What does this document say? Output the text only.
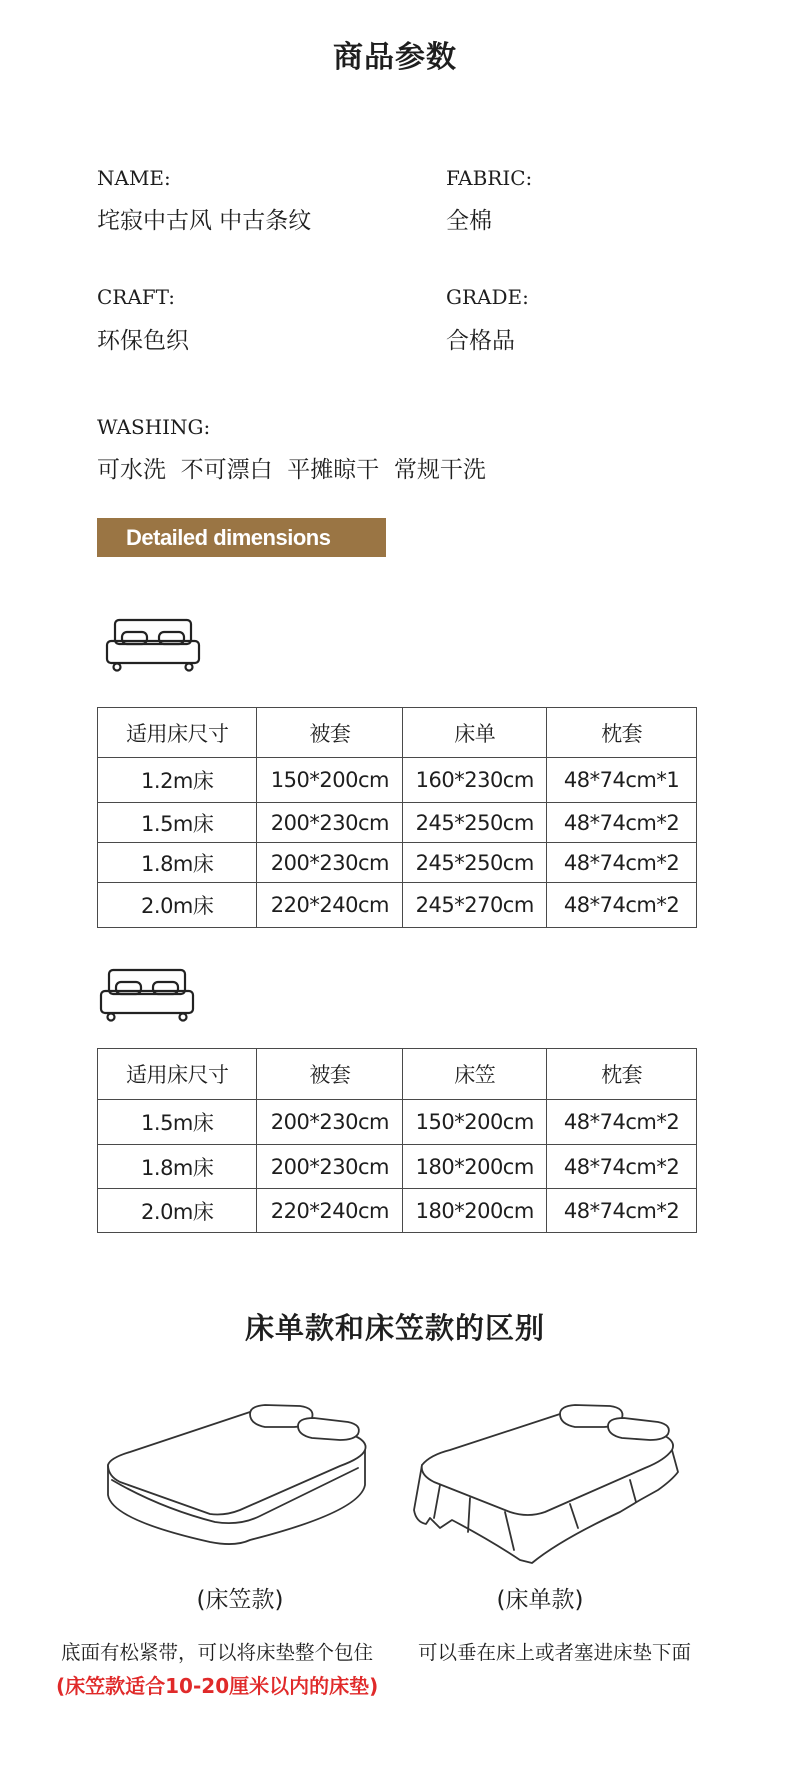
商品参数
NAME:
垞寂中古风 中古条纹
FABRIC:
全棉
CRAFT:
环保色织
GRADE:
合格品
WASHING:
可水洗  不可漂白  平摊晾干  常规干洗
Detailed dimensions
适用床尺寸	被套	床单	枕套
1.2m床	150*200cm	160*230cm	48*74cm*1
1.5m床	200*230cm	245*250cm	48*74cm*2
1.8m床	200*230cm	245*250cm	48*74cm*2
2.0m床	220*240cm	245*270cm	48*74cm*2
适用床尺寸	被套	床笠	枕套
1.5m床	200*230cm	150*200cm	48*74cm*2
1.8m床	200*230cm	180*200cm	48*74cm*2
2.0m床	220*240cm	180*200cm	48*74cm*2
床单款和床笠款的区别
(床笠款)	(床单款)
底面有松紧带，可以将床垫整个包住 可以垂在床上或者塞进床垫下面
(床笠款适合10-20厘米以内的床垫)
